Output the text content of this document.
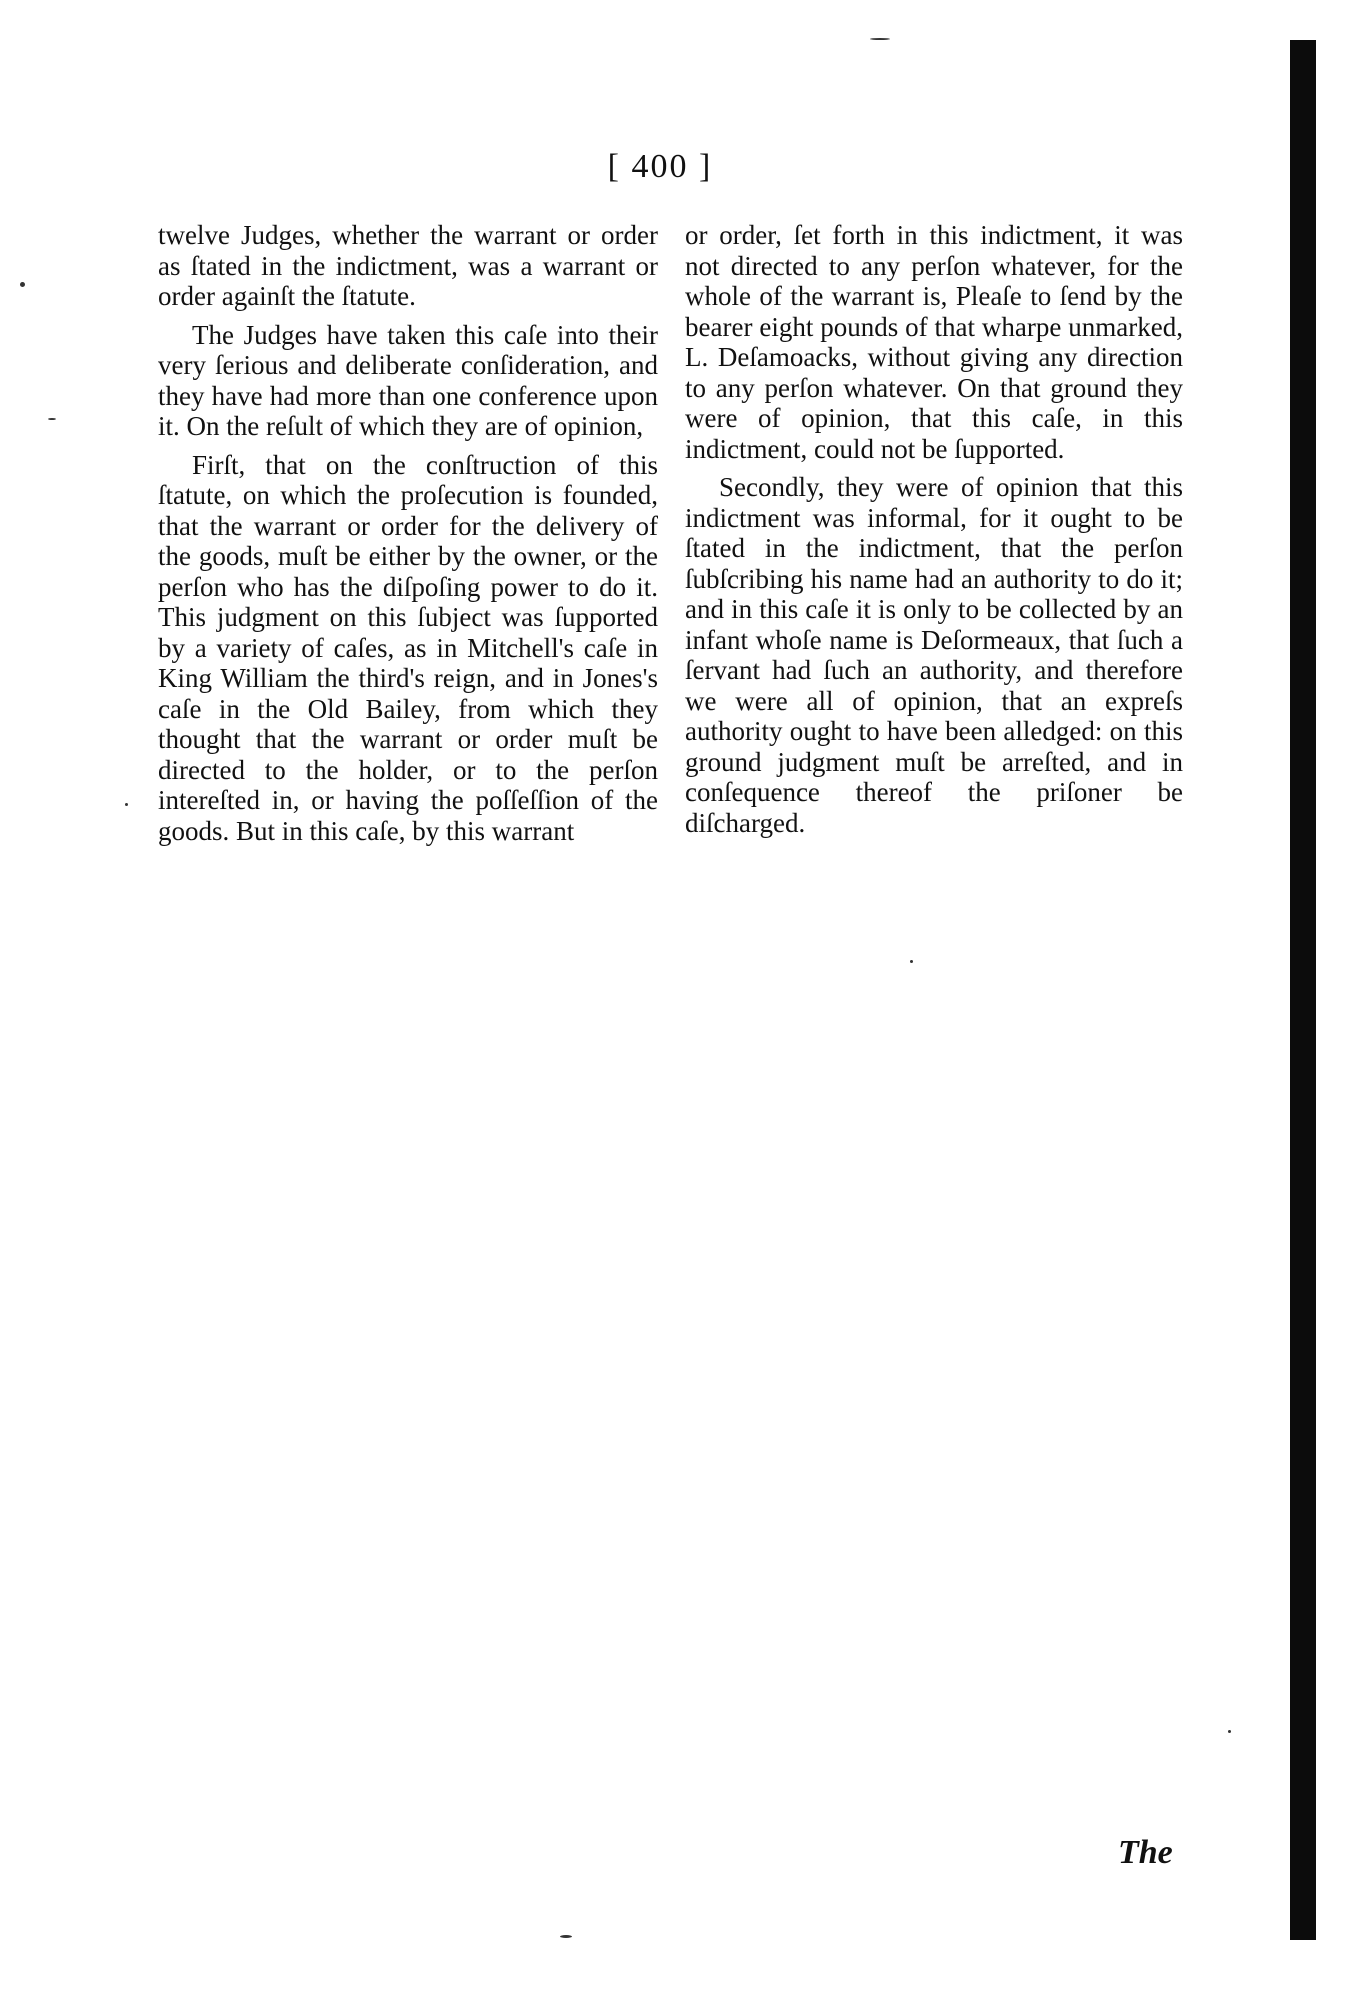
[ 400 ]

twelve Judges, whether the warrant or order as ſtated in the indictment, was a warrant or order againſt the ſtatute.

The Judges have taken this caſe into their very ſerious and deliberate conſideration, and they have had more than one conference upon it. On the reſult of which they are of opinion,

Firſt, that on the conſtruction of this ſtatute, on which the proſecution is founded, that the warrant or order for the delivery of the goods, muſt be either by the owner, or the perſon who has the diſpoſing power to do it. This judgment on this ſubject was ſupported by a variety of caſes, as in Mitchell's caſe in King William the third's reign, and in Jones's caſe in the Old Bailey, from which they thought that the warrant or order muſt be directed to the holder, or to the perſon intereſted in, or having the poſſeſſion of the goods. But in this caſe, by this warrant

or order, ſet forth in this indictment, it was not directed to any perſon whatever, for the whole of the warrant is, Pleaſe to ſend by the bearer eight pounds of that wharpe unmarked, L. Deſamoacks, without giving any direction to any perſon whatever. On that ground they were of opinion, that this caſe, in this indictment, could not be ſupported.

Secondly, they were of opinion that this indictment was informal, for it ought to be ſtated in the indictment, that the perſon ſubſcribing his name had an authority to do it; and in this caſe it is only to be collected by an infant whoſe name is Deſormeaux, that ſuch a ſervant had ſuch an authority, and therefore we were all of opinion, that an expreſs authority ought to have been alledged: on this ground judgment muſt be arreſted, and in conſequence thereof the priſoner be diſcharged.

The
